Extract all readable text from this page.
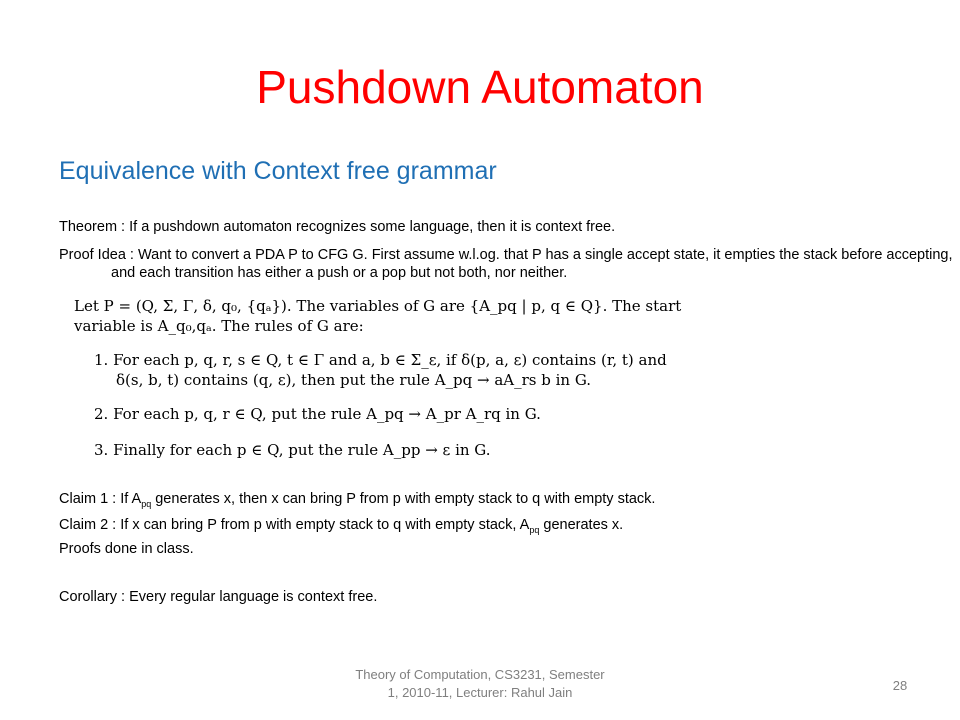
Pushdown Automaton
Equivalence with Context free grammar
Theorem : If a pushdown automaton recognizes some language, then it is context free.
Proof Idea : Want to convert a PDA P to CFG G. First assume w.l.og. that P has a single accept state, it empties the stack before accepting, and each transition has either a push or a pop but not both, nor neither.
Let P = (Q, Σ, Γ, δ, q₀, {qₐ}). The variables of G are {A_pq | p, q ∈ Q}. The start
variable is A_q₀,qₐ. The rules of G are:
1. For each p, q, r, s ∈ Q, t ∈ Γ and a, b ∈ Σ_ε, if δ(p, a, ε) contains (r, t) and
δ(s, b, t) contains (q, ε), then put the rule A_pq → aA_rs b in G.
2. For each p, q, r ∈ Q, put the rule A_pq → A_pr A_rq in G.
3. Finally for each p ∈ Q, put the rule A_pp → ε in G.
Claim 1 : If $A_{pq}$ generates x, then x can bring P from p with empty stack to q with empty stack.
Claim 2 : If x can bring P from p with empty stack to q with empty stack, $A_{pq}$ generates x.
Proofs done in class.
Corollary : Every regular language is context free.
Theory of Computation, CS3231, Semester
1, 2010-11, Lecturer: Rahul Jain	28
